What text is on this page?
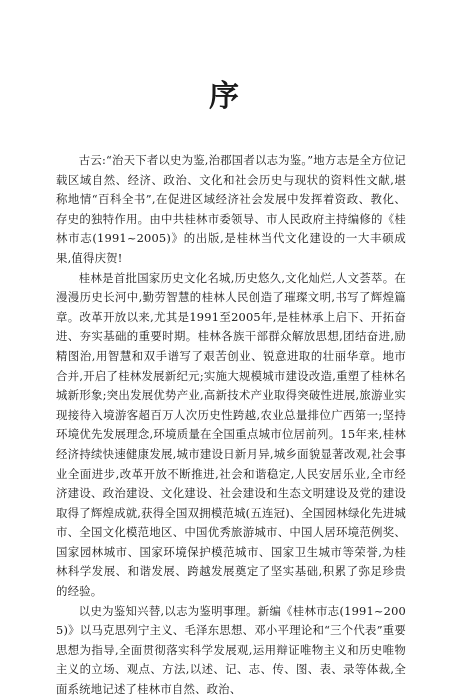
序

古云:“治天下者以史为鉴,治郡国者以志为鉴。”地方志是全方位记载区域自然、经济、政治、文化和社会历史与现状的资料性文献,堪称地情“百科全书”,在促进区域经济社会发展中发挥着资政、教化、存史的独特作用。由中共桂林市委领导、市人民政府主持编修的《桂林市志(1991~2005)》的出版,是桂林当代文化建设的一大丰硕成果,值得庆贺!

桂林是首批国家历史文化名城,历史悠久,文化灿烂,人文荟萃。在漫漫历史长河中,勤劳智慧的桂林人民创造了璀璨文明,书写了辉煌篇章。改革开放以来,尤其是1991至2005年,是桂林承上启下、开拓奋进、夯实基础的重要时期。桂林各族干部群众解放思想,团结奋进,励精图治,用智慧和双手谱写了艰苦创业、锐意进取的壮丽华章。地市合并,开启了桂林发展新纪元;实施大规模城市建设改造,重塑了桂林名城新形象;突出发展优势产业,高新技术产业取得突破性进展,旅游业实现接待入境游客超百万人次历史性跨越,农业总量排位广西第一;坚持环境优先发展理念,环境质量在全国重点城市位居前列。15年来,桂林经济持续快速健康发展,城市建设日新月异,城乡面貌显著改观,社会事业全面进步,改革开放不断推进,社会和谐稳定,人民安居乐业,全市经济建设、政治建设、文化建设、社会建设和生态文明建设及党的建设取得了辉煌成就,获得全国双拥模范城(五连冠)、全国园林绿化先进城市、全国文化模范地区、中国优秀旅游城市、中国人居环境范例奖、国家园林城市、国家环境保护模范城市、国家卫生城市等荣誉,为桂林科学发展、和谐发展、跨越发展奠定了坚实基础,积累了弥足珍贵的经验。

以史为鉴知兴替,以志为鉴明事理。新编《桂林市志(1991~2005)》以马克思列宁主义、毛泽东思想、邓小平理论和“三个代表”重要思想为指导,全面贯彻落实科学发展观,运用辩证唯物主义和历史唯物主义的立场、观点、方法,以述、记、志、传、图、表、录等体裁,全面系统地记述了桂林市自然、政治、
